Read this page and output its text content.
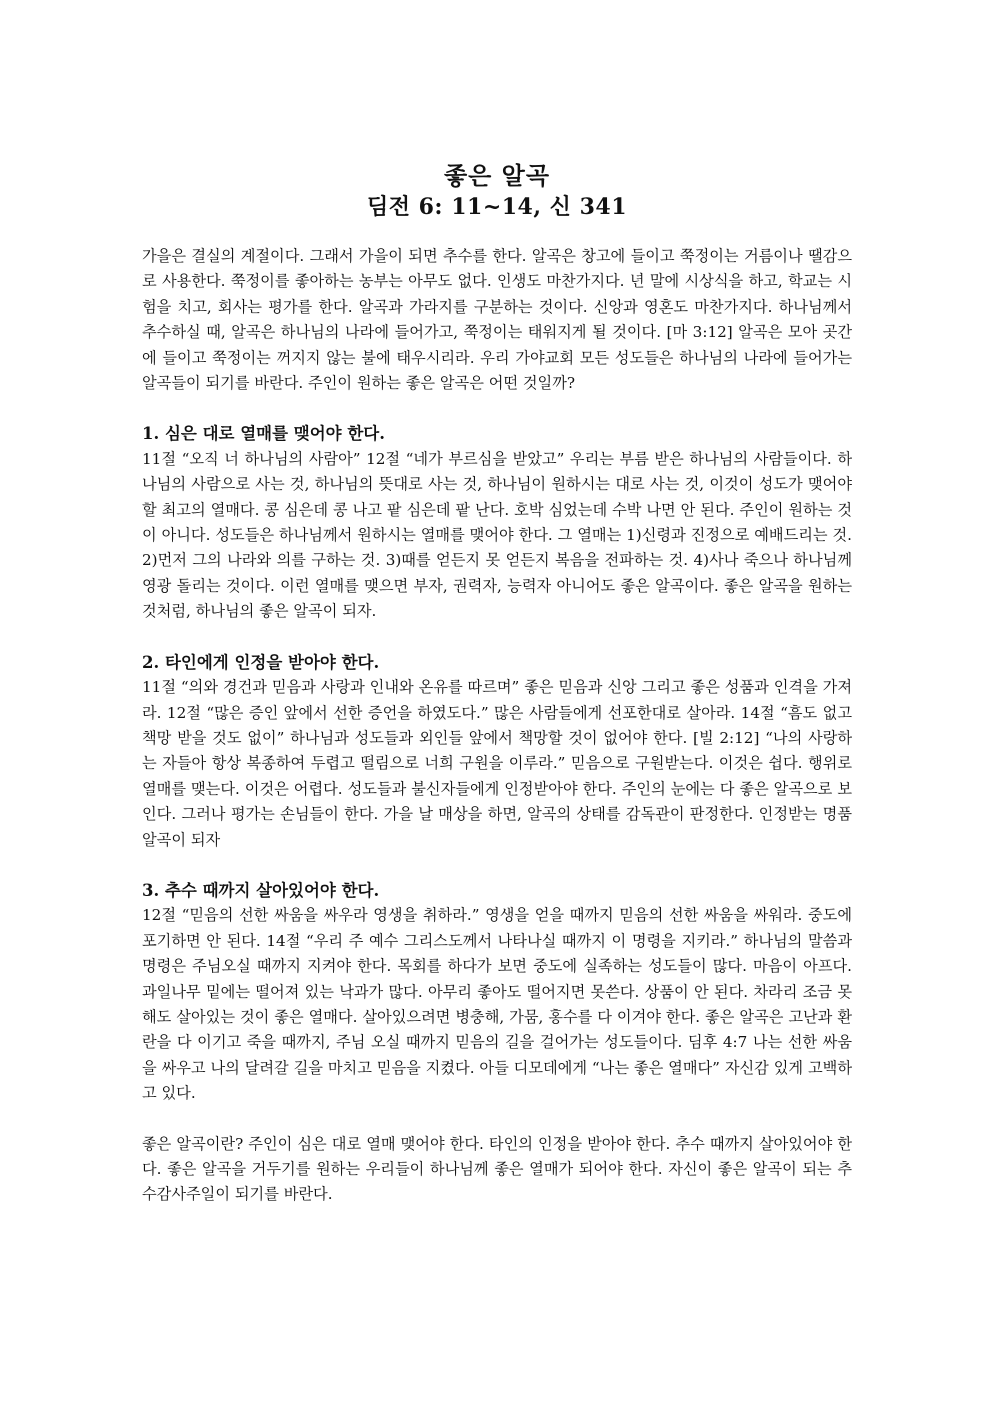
좋은 알곡
딤전 6: 11~14, 신 341

가을은 결실의 계절이다. 그래서 가을이 되면 추수를 한다. 알곡은 창고에 들이고 쭉정이는 거름이나 땔감으로 사용한다. 쭉정이를 좋아하는 농부는 아무도 없다. 인생도 마찬가지다. 년 말에 시상식을 하고, 학교는 시험을 치고, 회사는 평가를 한다. 알곡과 가라지를 구분하는 것이다. 신앙과 영혼도 마찬가지다. 하나님께서 추수하실 때, 알곡은 하나님의 나라에 들어가고, 쭉정이는 태워지게 될 것이다. [마 3:12] 알곡은 모아 곳간에 들이고 쭉정이는 꺼지지 않는 불에 태우시리라. 우리 가야교회 모든 성도들은 하나님의 나라에 들어가는 알곡들이 되기를 바란다. 주인이 원하는 좋은 알곡은 어떤 것일까?

1. 심은 대로 열매를 맺어야 한다.

11절 “오직 너 하나님의 사람아” 12절 “네가 부르심을 받았고” 우리는 부름 받은 하나님의 사람들이다. 하나님의 사람으로 사는 것, 하나님의 뜻대로 사는 것, 하나님이 원하시는 대로 사는 것, 이것이 성도가 맺어야 할 최고의 열매다. 콩 심은데 콩 나고 팥 심은데 팥 난다. 호박 심었는데 수박 나면 안 된다. 주인이 원하는 것이 아니다. 성도들은 하나님께서 원하시는 열매를 맺어야 한다. 그 열매는 1)신령과 진정으로 예배드리는 것. 2)먼저 그의 나라와 의를 구하는 것. 3)때를 얻든지 못 얻든지 복음을 전파하는 것. 4)사나 죽으나 하나님께 영광 돌리는 것이다. 이런 열매를 맺으면 부자, 권력자, 능력자 아니어도 좋은 알곡이다. 좋은 알곡을 원하는 것처럼, 하나님의 좋은 알곡이 되자.

2. 타인에게 인정을 받아야 한다.

11절 “의와 경건과 믿음과 사랑과 인내와 온유를 따르며” 좋은 믿음과 신앙 그리고 좋은 성품과 인격을 가져라. 12절 “많은 증인 앞에서 선한 증언을 하였도다.” 많은 사람들에게 선포한대로 살아라. 14절 “흠도 없고 책망 받을 것도 없이” 하나님과 성도들과 외인들 앞에서 책망할 것이 없어야 한다. [빌 2:12] “나의 사랑하는 자들아 항상 복종하여 두렵고 떨림으로 너희 구원을 이루라.” 믿음으로 구원받는다. 이것은 쉽다. 행위로 열매를 맺는다. 이것은 어렵다. 성도들과 불신자들에게 인정받아야 한다. 주인의 눈에는 다 좋은 알곡으로 보인다. 그러나 평가는 손님들이 한다. 가을 날 매상을 하면, 알곡의 상태를 감독관이 판정한다. 인정받는 명품 알곡이 되자

3. 추수 때까지 살아있어야 한다.

12절 “믿음의 선한 싸움을 싸우라 영생을 취하라.” 영생을 얻을 때까지 믿음의 선한 싸움을 싸워라. 중도에 포기하면 안 된다. 14절 “우리 주 예수 그리스도께서 나타나실 때까지 이 명령을 지키라.” 하나님의 말씀과 명령은 주님오실 때까지 지켜야 한다. 목회를 하다가 보면 중도에 실족하는 성도들이 많다. 마음이 아프다. 과일나무 밑에는 떨어져 있는 낙과가 많다. 아무리 좋아도 떨어지면 못쓴다. 상품이 안 된다. 차라리 조금 못해도 살아있는 것이 좋은 열매다. 살아있으려면 병충해, 가뭄, 홍수를 다 이겨야 한다. 좋은 알곡은 고난과 환란을 다 이기고 죽을 때까지, 주님 오실 때까지 믿음의 길을 걸어가는 성도들이다. 딤후 4:7 나는 선한 싸움을 싸우고 나의 달려갈 길을 마치고 믿음을 지켰다. 아들 디모데에게 “나는 좋은 열매다” 자신감 있게 고백하고 있다.

좋은 알곡이란? 주인이 심은 대로 열매 맺어야 한다. 타인의 인정을 받아야 한다. 추수 때까지 살아있어야 한다. 좋은 알곡을 거두기를 원하는 우리들이 하나님께 좋은 열매가 되어야 한다. 자신이 좋은 알곡이 되는 추수감사주일이 되기를 바란다.
